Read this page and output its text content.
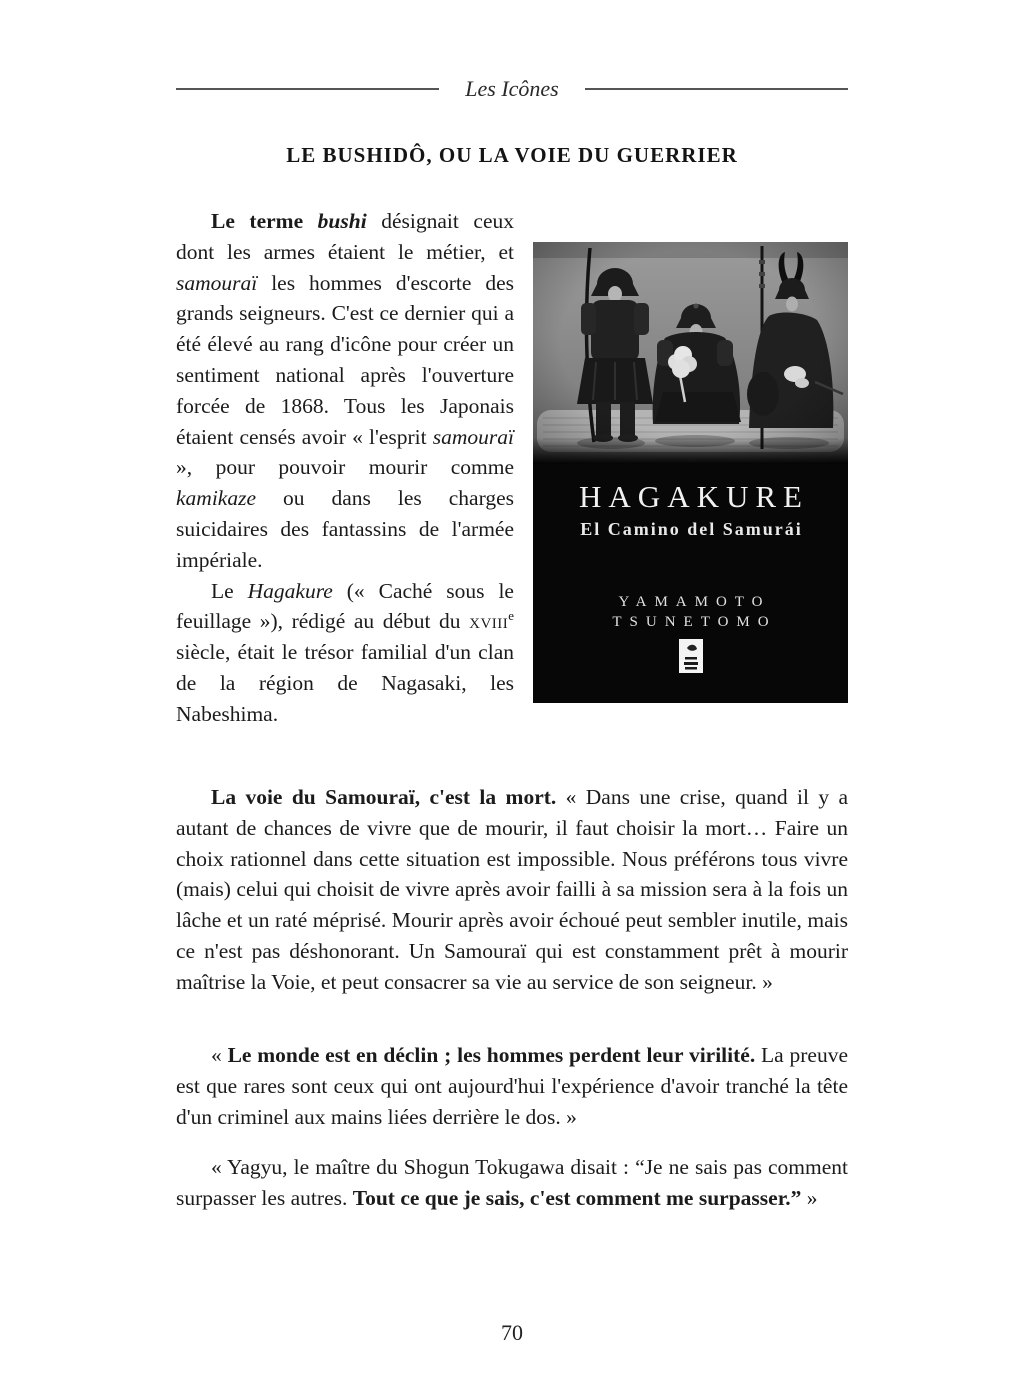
Les Icônes
LE BUSHIDÔ, OU LA VOIE DU GUERRIER

Le terme bushi désignait ceux dont les armes étaient le métier, et samouraï les hommes d'escorte des grands seigneurs. C'est ce dernier qui a été élevé au rang d'icône pour créer un sentiment national après l'ouverture forcée de 1868. Tous les Japonais étaient censés avoir « l'esprit samouraï », pour pouvoir mourir comme kamikaze ou dans les charges suicidaires des fantassins de l'armée impériale.

Le Hagakure (« Caché sous le feuillage »), rédigé au début du xviii$^e$ siècle, était le trésor familial d'un clan de la région de Nagasaki, les Nabeshima.

HAGAKURE
El Camino del Samurái
YAMAMOTO
TSUNETOMO

La voie du Samouraï, c'est la mort. « Dans une crise, quand il y a autant de chances de vivre que de mourir, il faut choisir la mort… Faire un choix rationnel dans cette situation est impossible. Nous préférons tous vivre (mais) celui qui choisit de vivre après avoir failli à sa mission sera à la fois un lâche et un raté méprisé. Mourir après avoir échoué peut sembler inutile, mais ce n'est pas déshonorant. Un Samouraï qui est constamment prêt à mourir maîtrise la Voie, et peut consacrer sa vie au service de son seigneur. »

« Le monde est en déclin ; les hommes perdent leur virilité. La preuve est que rares sont ceux qui ont aujourd'hui l'expérience d'avoir tranché la tête d'un criminel aux mains liées derrière le dos. »

« Yagyu, le maître du Shogun Tokugawa disait : “Je ne sais pas comment surpasser les autres. Tout ce que je sais, c'est comment me surpasser.” »

70
